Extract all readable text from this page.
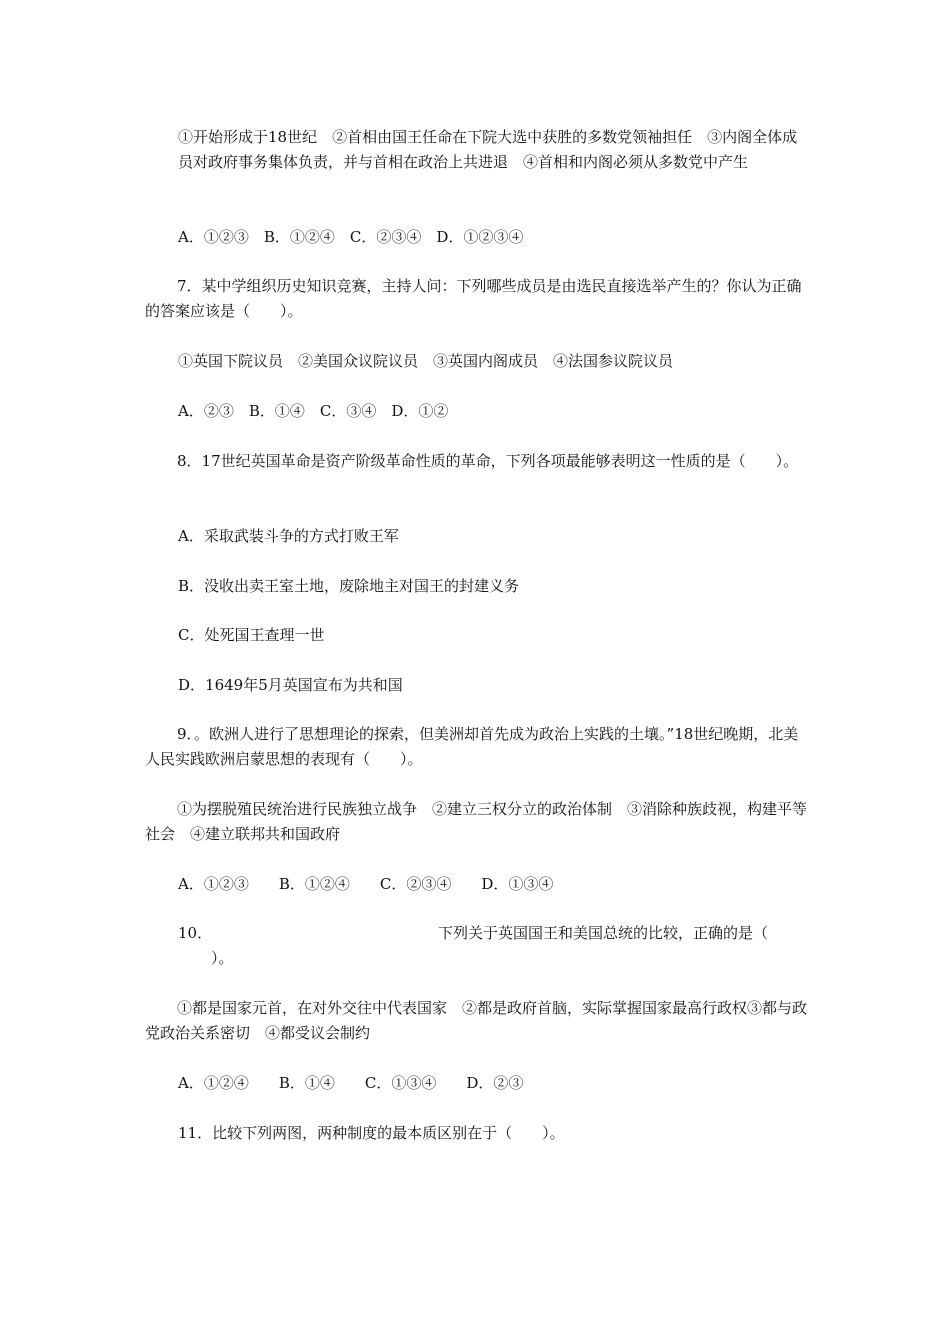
①开始形成于18世纪　②首相由国王任命在下院大选中获胜的多数党领袖担任　③内阁全体成员对政府事务集体负责，并与首相在政治上共进退　④首相和内阁必须从多数党中产生

A．①②③　B．①②④　C．②③④　D．①②③④

7．某中学组织历史知识竞赛，主持人问：下列哪些成员是由选民直接选举产生的？你认为正确的答案应该是（　　）。

①英国下院议员　②美国众议院议员　③英国内阁成员　④法国参议院议员

A．②③　B．①④　C．③④　D．①②

8．17世纪英国革命是资产阶级革命性质的革命，下列各项最能够表明这一性质的是（　　）。

A．采取武装斗争的方式打败王军

B．没收出卖王室土地，废除地主对国王的封建义务

C．处死国王查理一世

D．1649年5月英国宣布为共和国

9．。欧洲人进行了思想理论的探索，但美洲却首先成为政治上实践的土壤。”18世纪晚期，北美人民实践欧洲启蒙思想的表现有（　　）。

①为摆脱殖民统治进行民族独立战争　②建立三权分立的政治体制　③消除种族歧视，构建平等社会　④建立联邦共和国政府

A．①②③　　B．①②④　　C．②③④　　D．①③④

10．	下列关于英国国王和美国总统的比较，正确的是（

）。

①都是国家元首，在对外交往中代表国家　②都是政府首脑，实际掌握国家最高行政权③都与政党政治关系密切　④都受议会制约

A．①②④　　B．①④　　C．①③④　　D．②③

11．比较下列两图，两种制度的最本质区别在于（　　）。
